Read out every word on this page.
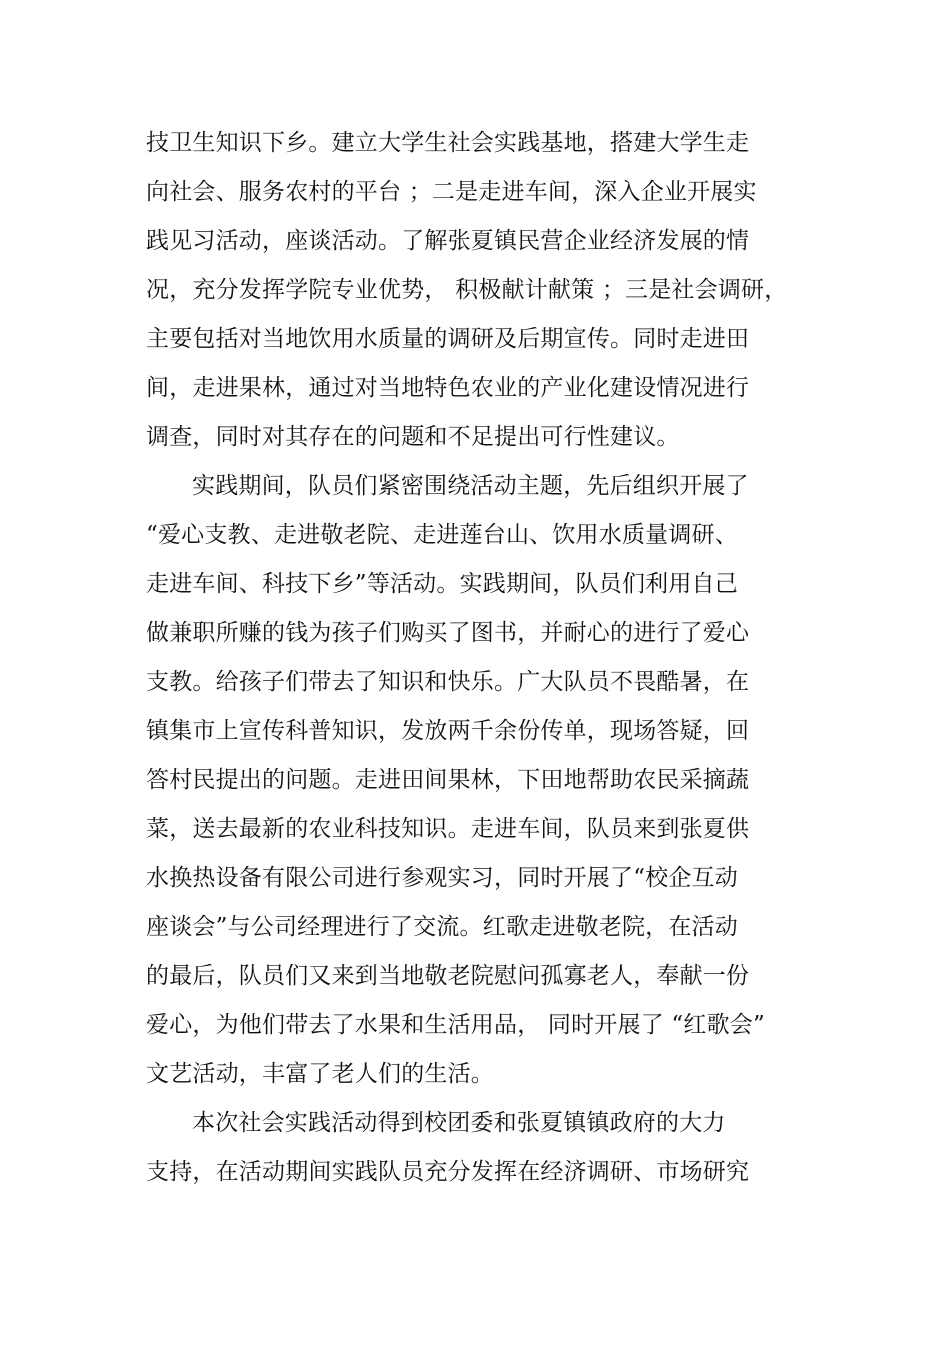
技卫生知识下乡。建立大学生社会实践基地，搭建大学生走
向社会、服务农村的平台 ；二是走进车间，深入企业开展实
践见习活动，座谈活动。了解张夏镇民营企业经济发展的情
况，充分发挥学院专业优势， 积极献计献策 ；三是社会调研，
主要包括对当地饮用水质量的调研及后期宣传。同时走进田
间，走进果林，通过对当地特色农业的产业化建设情况进行
调查，同时对其存在的问题和不足提出可行性建议。
实践期间，队员们紧密围绕活动主题，先后组织开展了
“爱心支教、走进敬老院、走进莲台山、饮用水质量调研、
走进车间、科技下乡”等活动。实践期间，队员们利用自己
做兼职所赚的钱为孩子们购买了图书，并耐心的进行了爱心
支教。给孩子们带去了知识和快乐。广大队员不畏酷暑，在
镇集市上宣传科普知识，发放两千余份传单，现场答疑，回
答村民提出的问题。走进田间果林，下田地帮助农民采摘蔬
菜，送去最新的农业科技知识。走进车间，队员来到张夏供
水换热设备有限公司进行参观实习，同时开展了“校企互动
座谈会”与公司经理进行了交流。红歌走进敬老院，在活动
的最后，队员们又来到当地敬老院慰问孤寡老人，奉献一份
爱心，为他们带去了水果和生活用品， 同时开展了 “红歌会”
文艺活动，丰富了老人们的生活。
本次社会实践活动得到校团委和张夏镇镇政府的大力
支持，在活动期间实践队员充分发挥在经济调研、市场研究
